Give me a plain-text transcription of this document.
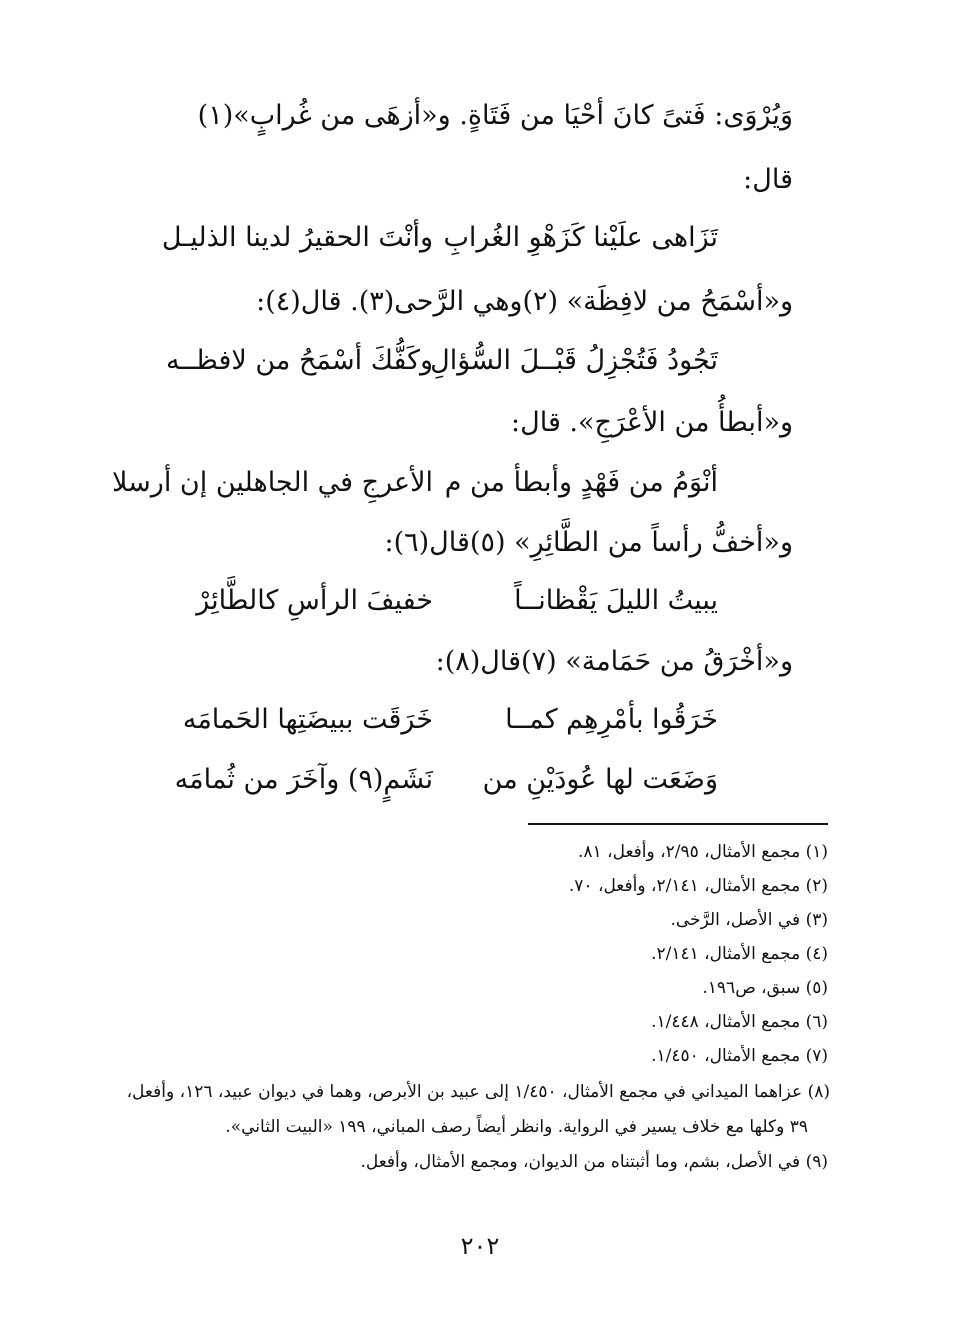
وَيُرْوَى: فَتىً كانَ أحْيَا من فَتَاةٍ. و«أزهَى من غُرابٍ»(١)
قال:
تَزَاهى علَيْنا كَزَهْوِ الغُرابِ
وأنْتَ الحقيرُ لدينا الذليـل
و«أسْمَحُ من لافِظَة» (٢)وهي الرَّحى(٣). قال(٤):
تَجُودُ فَتُجْزِلُ قَبْــلَ السُّؤالِ
وكَفُّكَ أسْمَحُ من لافظــه
و«أبطأُ من الأعْرَجِ». قال:
أنْوَمُ من فَهْدٍ وأبطأ من م
الأعرجِ في الجاهلين إن أرسلا
و«أخفُّ رأساً من الطَّائِرِ» (٥)قال(٦):
يبيتُ الليلَ يَقْظانــاً
خفيفَ الرأسِ كالطَّائِرْ
و«أخْرَقُ من حَمَامة» (٧)قال(٨):
خَرَقُوا بأمْرِهِم كمــا
خَرَقَت ببيضَتِها الحَمامَه
وَضَعَت لها عُودَيْنِ من
نَشَمٍ(٩) وآخَرَ من ثُمامَه
(١) مجمع الأمثال، ٢/٩٥، وأفعل، ٨١.
(٢) مجمع الأمثال، ٢/١٤١، وأفعل، ٧٠.
(٣) في الأصل، الرَّخى.
(٤) مجمع الأمثال، ٢/١٤١.
(٥) سبق، ص١٩٦.
(٦) مجمع الأمثال، ١/٤٤٨.
(٧) مجمع الأمثال، ١/٤٥٠.
(٨) عزاهما الميداني في مجمع الأمثال، ١/٤٥٠ إلى عبيد بن الأبرص، وهما في ديوان عبيد، ١٢٦، وأفعل،
٣٩ وكلها مع خلاف يسير في الرواية. وانظر أيضاً رصف المباني، ١٩٩ «البيت الثاني».
(٩) في الأصل، بشم، وما أثبتناه من الديوان، ومجمع الأمثال، وأفعل.
٢٠٢
